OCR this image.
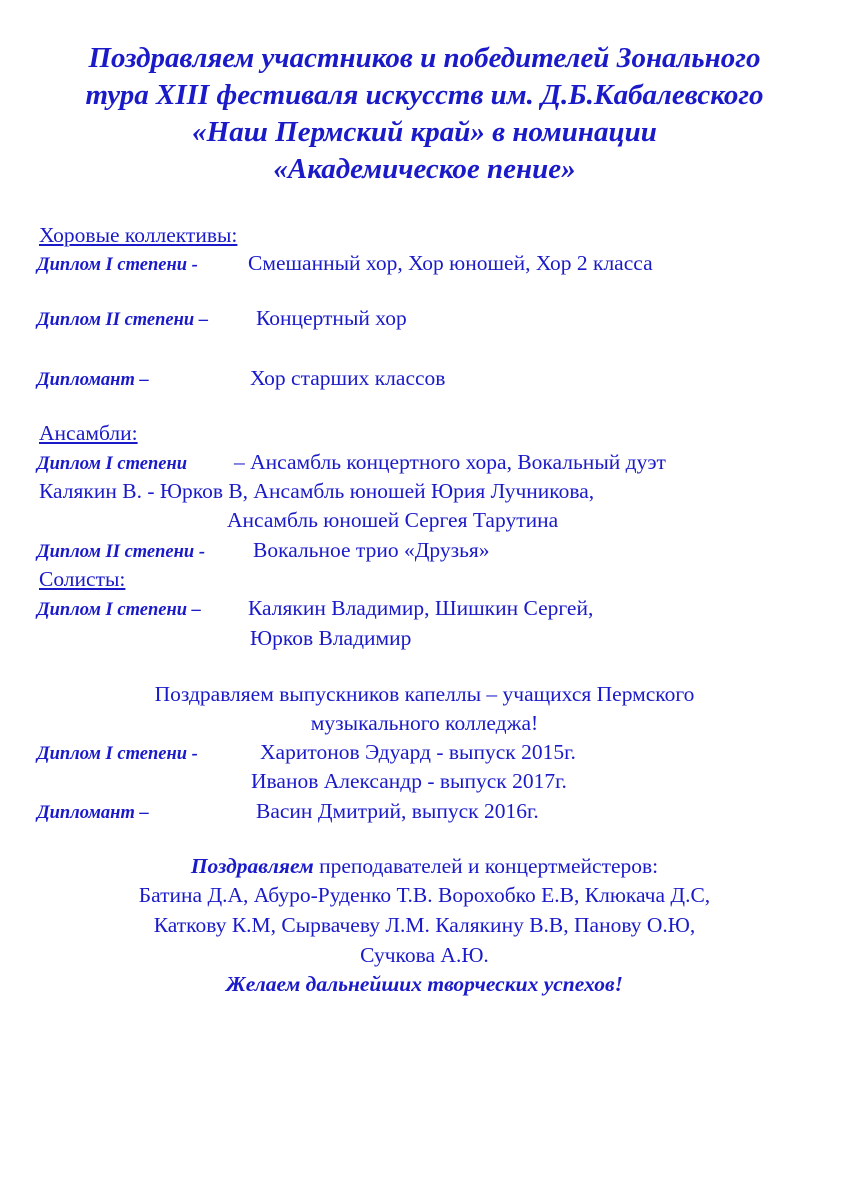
Поздравляем участников и победителей Зонального
тура XIII фестиваля искусств им. Д.Б.Кабалевского
«Наш Пермский край» в номинации
«Академическое пение»
Хоровые коллективы:
Диплом I степени - Смешанный хор, Хор юношей, Хор 2 класса
Диплом II степени – Концертный хор
Дипломант –	Хор старших классов
Ансамбли:
Диплом I степени – Ансамбль концертного хора, Вокальный дуэт
Калякин В. - Юрков В, Ансамбль юношей Юрия Лучникова,
Ансамбль юношей Сергея Тарутина
Диплом II степени - Вокальное трио «Друзья»
Солисты:
Диплом I степени – Калякин Владимир, Шишкин Сергей,
Юрков Владимир
Поздравляем выпускников капеллы – учащихся Пермского
музыкального колледжа!
Диплом I степени -	Харитонов Эдуард - выпуск 2015г.
Иванов Александр - выпуск 2017г.
Дипломант –	Васин Дмитрий, выпуск 2016г.
Поздравляем преподавателей и концертмейстеров:
Батина Д.А, Абуро-Руденко Т.В. Ворохобко Е.В, Клюкача Д.С,
Каткову К.М, Сырвачеву Л.М. Калякину В.В, Панову О.Ю,
Сучкова А.Ю.
Желаем дальнейших творческих успехов!
